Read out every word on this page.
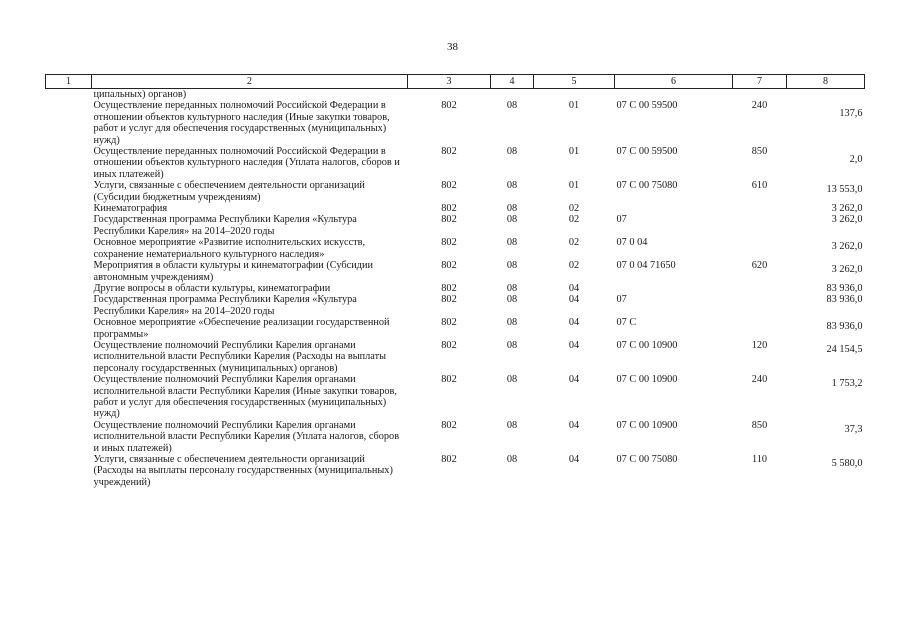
38
1	2	3	4	5	6	7	8
	ципальных) органов)						
	Осуществление переданных полномочий Российской Федерации в отношении объектов культурного наследия (Иные закупки товаров, работ и услуг для обеспечения государственных (муниципальных) нужд)	802	08	01	07 С 00 59500	240	137,6
	Осуществление переданных полномочий Российской Федерации в отношении объектов культурного наследия (Уплата налогов, сборов и иных платежей)	802	08	01	07 С 00 59500	850	2,0
	Услуги, связанные с обеспечением деятельности организаций (Субсидии бюджетным учреждениям)	802	08	01	07 С 00 75080	610	13 553,0
	Кинематография	802	08	02			3 262,0
	Государственная программа Республики Карелия «Культура Республики Карелия» на 2014–2020 годы	802	08	02	07		3 262,0
	Основное мероприятие «Развитие исполнительских искусств, сохранение нематериального культурного наследия»	802	08	02	07 0 04		3 262,0
	Мероприятия в области культуры и кинематографии (Субсидии автономным учреждениям)	802	08	02	07 0 04 71650	620	3 262,0
	Другие вопросы в области культуры, кинематографии	802	08	04			83 936,0
	Государственная программа Республики Карелия «Культура Республики Карелия» на 2014–2020 годы	802	08	04	07		83 936,0
	Основное мероприятие «Обеспечение реализации государственной программы»	802	08	04	07 С		83 936,0
	Осуществление полномочий Республики Карелия органами исполнительной власти Республики Карелия (Расходы на выплаты персоналу государственных (муниципальных) органов)	802	08	04	07 С 00 10900	120	24 154,5
	Осуществление полномочий Республики Карелия органами исполнительной власти Республики Карелия (Иные закупки товаров, работ и услуг для обеспечения государственных (муниципальных) нужд)	802	08	04	07 С 00 10900	240	1 753,2
	Осуществление полномочий Республики Карелия органами исполнительной власти Республики Карелия (Уплата налогов, сборов и иных платежей)	802	08	04	07 С 00 10900	850	37,3
	Услуги, связанные с обеспечением деятельности организаций (Расходы на выплаты персоналу государственных (муниципальных) учреждений)	802	08	04	07 С 00 75080	110	5 580,0
